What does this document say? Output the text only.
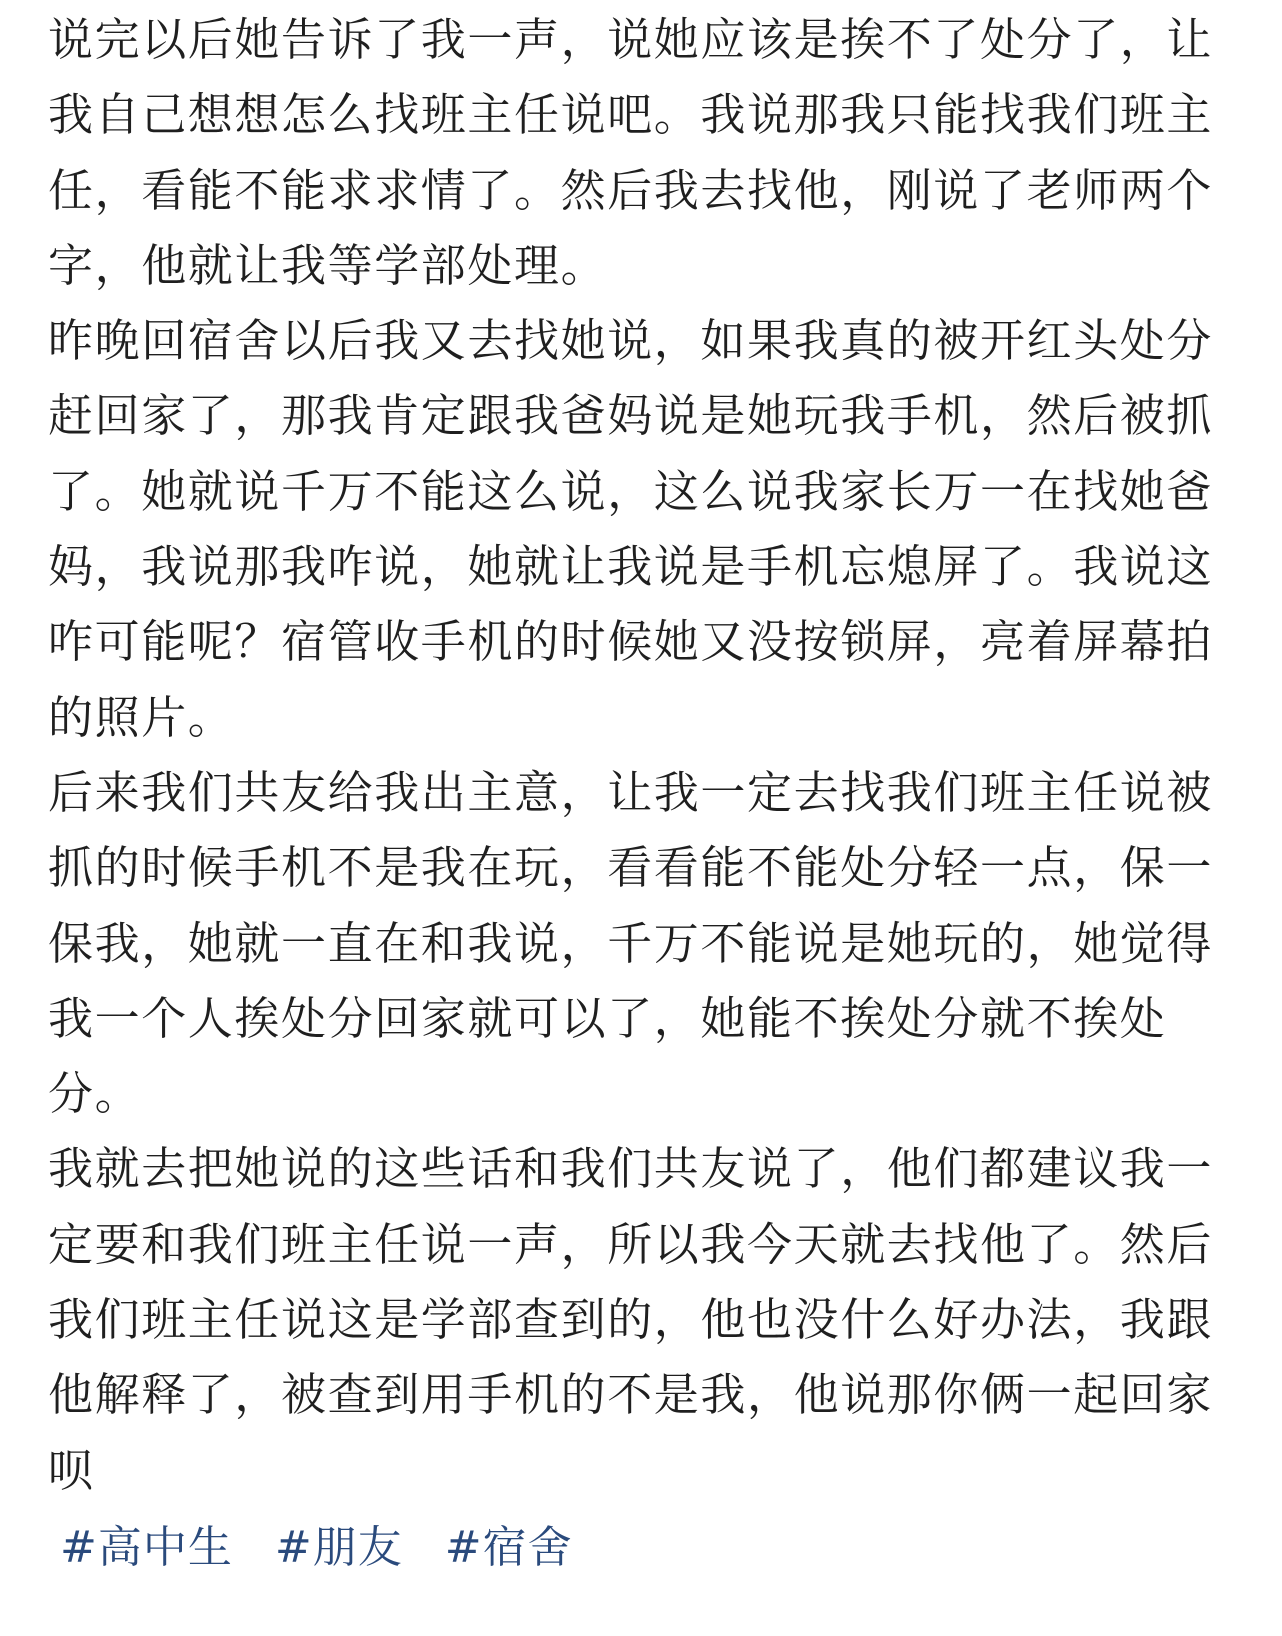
说完以后她告诉了我一声，说她应该是挨不了处分了，让我自己想想怎么找班主任说吧。我说那我只能找我们班主任，看能不能求求情了。然后我去找他，刚说了老师两个字，他就让我等学部处理。

昨晚回宿舍以后我又去找她说，如果我真的被开红头处分赶回家了，那我肯定跟我爸妈说是她玩我手机，然后被抓了。她就说千万不能这么说，这么说我家长万一在找她爸妈，我说那我咋说，她就让我说是手机忘熄屏了。我说这咋可能呢？宿管收手机的时候她又没按锁屏，亮着屏幕拍的照片。

后来我们共友给我出主意，让我一定去找我们班主任说被抓的时候手机不是我在玩，看看能不能处分轻一点，保一保我，她就一直在和我说，千万不能说是她玩的，她觉得我一个人挨处分回家就可以了，她能不挨处分就不挨处分。

我就去把她说的这些话和我们共友说了，他们都建议我一定要和我们班主任说一声，所以我今天就去找他了。然后我们班主任说这是学部查到的，他也没什么好办法，我跟他解释了，被查到用手机的不是我，他说那你俩一起回家呗

#高中生 #朋友 #宿舍
